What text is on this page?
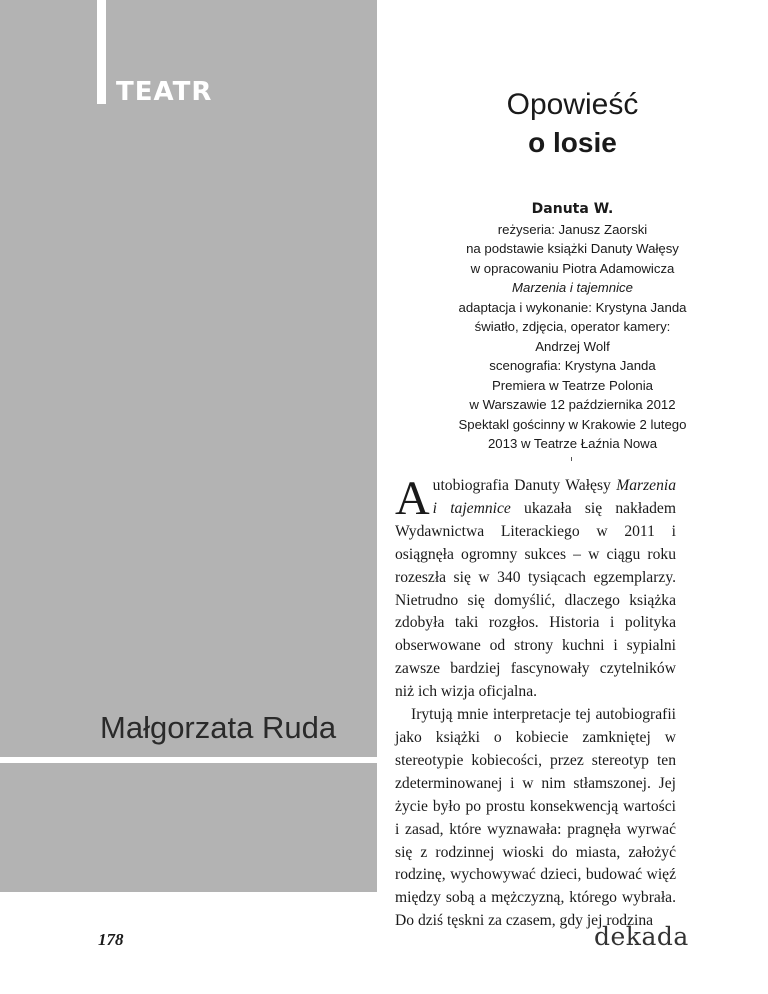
TEATR
Małgorzata Ruda
Opowieść
o losie
Danuta W.
reżyseria: Janusz Zaorski
na podstawie książki Danuty Wałęsy
w opracowaniu Piotra Adamowicza
Marzenia i tajemnice
adaptacja i wykonanie: Krystyna Janda
światło, zdjęcia, operator kamery:
Andrzej Wolf
scenografia: Krystyna Janda
Premiera w Teatrze Polonia
w Warszawie 12 października 2012
Spektakl gościnny w Krakowie 2 lutego
2013 w Teatrze Łaźnia Nowa

Autobiografia Danuty Wałęsy Marzenia i tajemnice ukazała się nakładem Wydawnictwa Literackiego w 2011 i osiągnęła ogromny sukces – w ciągu roku rozeszła się w 340 tysiącach egzemplarzy. Nietrudno się domyślić, dlaczego książka zdobyła taki rozgłos. Historia i polityka obserwowane od strony kuchni i sypialni zawsze bardziej fascynowały czytelników niż ich wizja oficjalna.

Irytują mnie interpretacje tej autobiografii jako książki o kobiecie zamkniętej w stereotypie kobiecości, przez stereotyp ten zdeterminowanej i w nim stłamszonej. Jej życie było po prostu konsekwencją wartości i zasad, które wyznawała: pragnęła wyrwać się z rodzinnej wioski do miasta, założyć rodzinę, wychowywać dzieci, budować więź między sobą a mężczyzną, którego wybrała. Do dziś tęskni za czasem, gdy jej rodzina

178	dekada
